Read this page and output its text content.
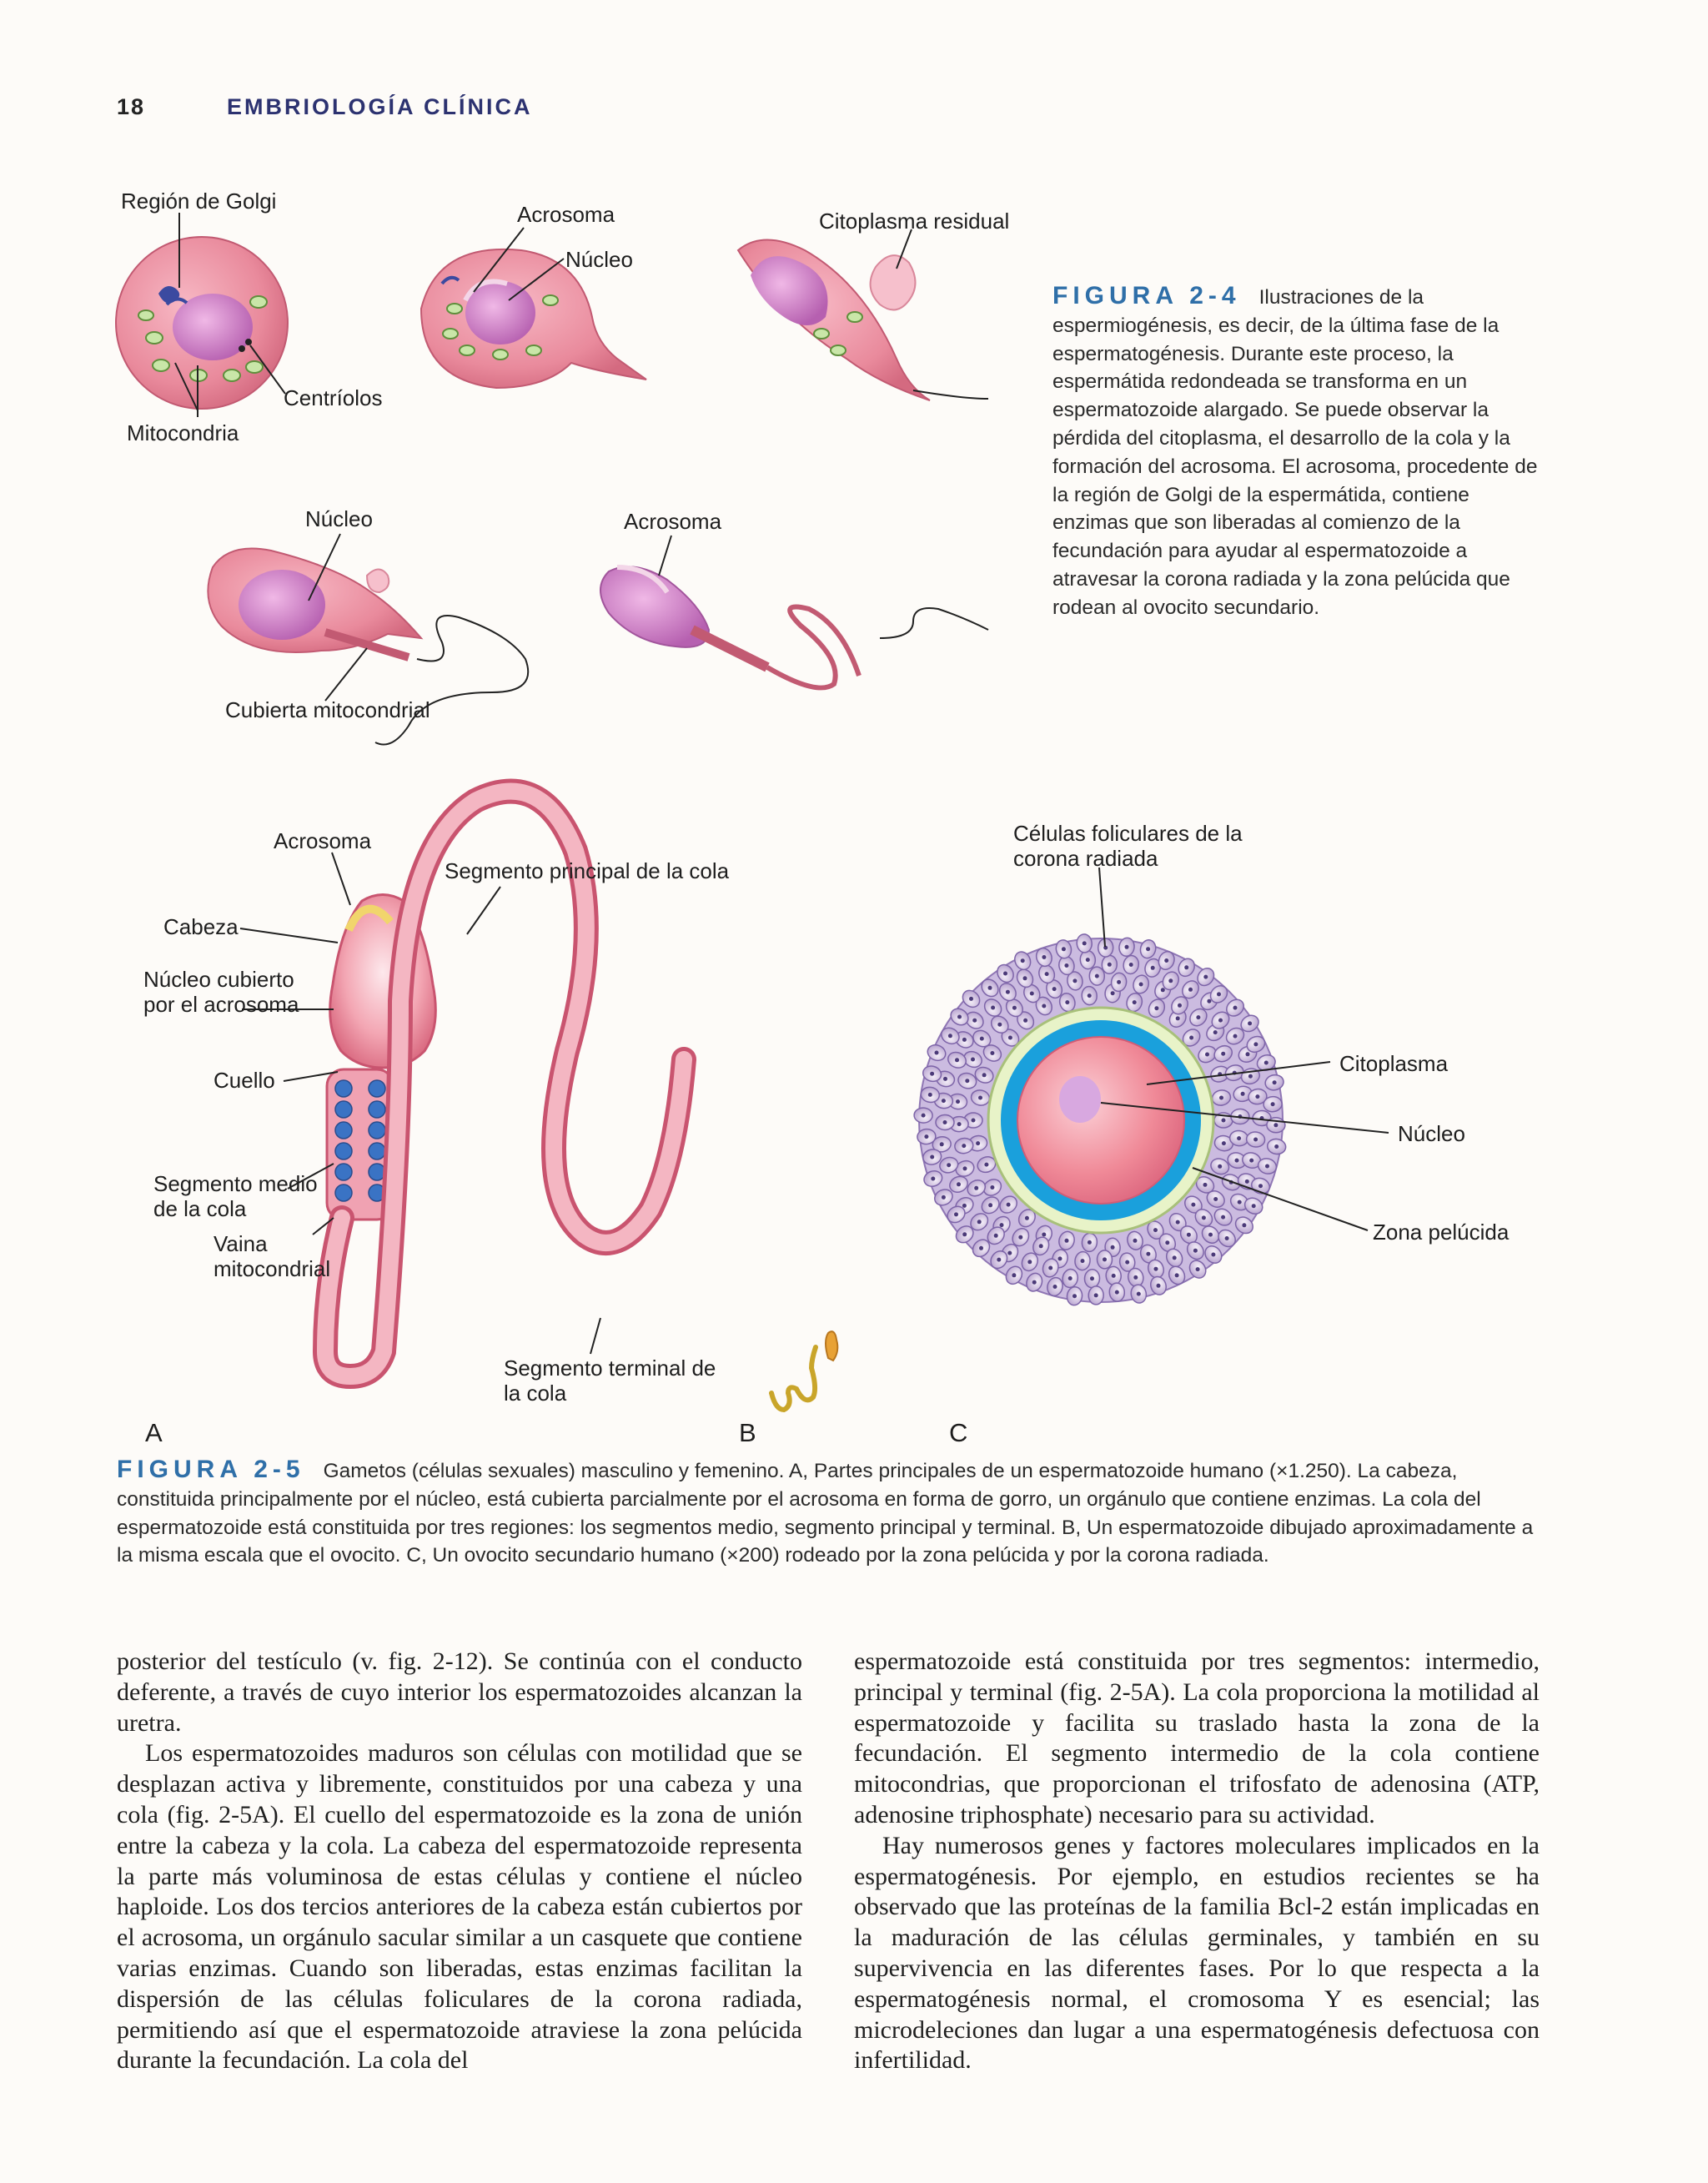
18	EMBRIOLOGÍA CLÍNICA
Región de Golgi
Acrosoma
Núcleo
Citoplasma residual
Centríolos
Mitocondria
Núcleo	Acrosoma
Cubierta mitocondrial
FIGURA 2-4 Ilustraciones de la espermiogénesis, es decir, de la última fase de la espermatogénesis. Durante este proceso, la espermátida redondeada se transforma en un espermatozoide alargado. Se puede observar la pérdida del citoplasma, el desarrollo de la cola y la formación del acrosoma. El acrosoma, procedente de la región de Golgi de la espermátida, contiene enzimas que son liberadas al comienzo de la fecundación para ayudar al espermatozoide a atravesar la corona radiada y la zona pelúcida que rodean al ovocito secundario.
Acrosoma
Segmento principal de la cola
Cabeza
Núcleo cubierto por el acrosoma
Cuello
Segmento medio de la cola
Vaina mitocondrial
Segmento terminal de la cola
Células foliculares de la corona radiada
Citoplasma
Núcleo
Zona pelúcida
A	B	C
FIGURA 2-5 Gametos (células sexuales) masculino y femenino. A, Partes principales de un espermatozoide humano (×1.250). La cabeza, constituida principalmente por el núcleo, está cubierta parcialmente por el acrosoma en forma de gorro, un orgánulo que contiene enzimas. La cola del espermatozoide está constituida por tres regiones: los segmentos medio, segmento principal y terminal. B, Un espermatozoide dibujado aproximadamente a la misma escala que el ovocito. C, Un ovocito secundario humano (×200) rodeado por la zona pelúcida y por la corona radiada.

posterior del testículo (v. fig. 2-12). Se continúa con el conducto deferente, a través de cuyo interior los espermatozoides alcanzan la uretra.

Los espermatozoides maduros son células con motilidad que se desplazan activa y libremente, constituidos por una cabeza y una cola (fig. 2-5A). El cuello del espermatozoide es la zona de unión entre la cabeza y la cola. La cabeza del espermatozoide representa la parte más voluminosa de estas células y contiene el núcleo haploide. Los dos tercios anteriores de la cabeza están cubiertos por el acrosoma, un orgánulo sacular similar a un casquete que contiene varias enzimas. Cuando son liberadas, estas enzimas facilitan la dispersión de las células foliculares de la corona radiada, permitiendo así que el espermatozoide atraviese la zona pelúcida durante la fecundación. La cola del

espermatozoide está constituida por tres segmentos: intermedio, principal y terminal (fig. 2-5A). La cola proporciona la motilidad al espermatozoide y facilita su traslado hasta la zona de la fecundación. El segmento intermedio de la cola contiene mitocondrias, que proporcionan el trifosfato de adenosina (ATP, adenosine triphosphate) necesario para su actividad.

Hay numerosos genes y factores moleculares implicados en la espermatogénesis. Por ejemplo, en estudios recientes se ha observado que las proteínas de la familia Bcl-2 están implicadas en la maduración de las células germinales, y también en su supervivencia en las diferentes fases. Por lo que respecta a la espermatogénesis normal, el cromosoma Y es esencial; las microdeleciones dan lugar a una espermatogénesis defectuosa con infertilidad.
